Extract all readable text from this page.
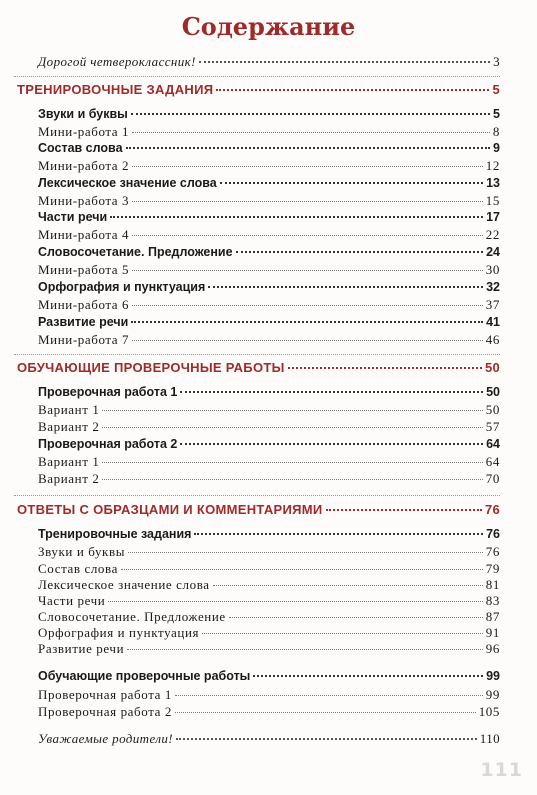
Содержание
Дорогой четвероклассник!	3
ТРЕНИРОВОЧНЫЕ ЗАДАНИЯ	5
Звуки и буквы	5
Мини-работа 1	8
Состав слова	9
Мини-работа 2	12
Лексическое значение слова	13
Мини-работа 3	15
Части речи	17
Мини-работа 4	22
Словосочетание. Предложение	24
Мини-работа 5	30
Орфография и пунктуация	32
Мини-работа 6	37
Развитие речи	41
Мини-работа 7	46
ОБУЧАЮЩИЕ ПРОВЕРОЧНЫЕ РАБОТЫ	50
Проверочная работа 1	50
Вариант 1	50
Вариант 2	57
Проверочная работа 2	64
Вариант 1	64
Вариант 2	70
ОТВЕТЫ С ОБРАЗЦАМИ И КОММЕНТАРИЯМИ	76
Тренировочные задания	76
Звуки и буквы	76
Состав слова	79
Лексическое значение слова	81
Части речи	83
Словосочетание. Предложение	87
Орфография и пунктуация	91
Развитие речи	96
Обучающие проверочные работы	99
Проверочная работа 1	99
Проверочная работа 2	105
Уважаемые родители!	110
111
